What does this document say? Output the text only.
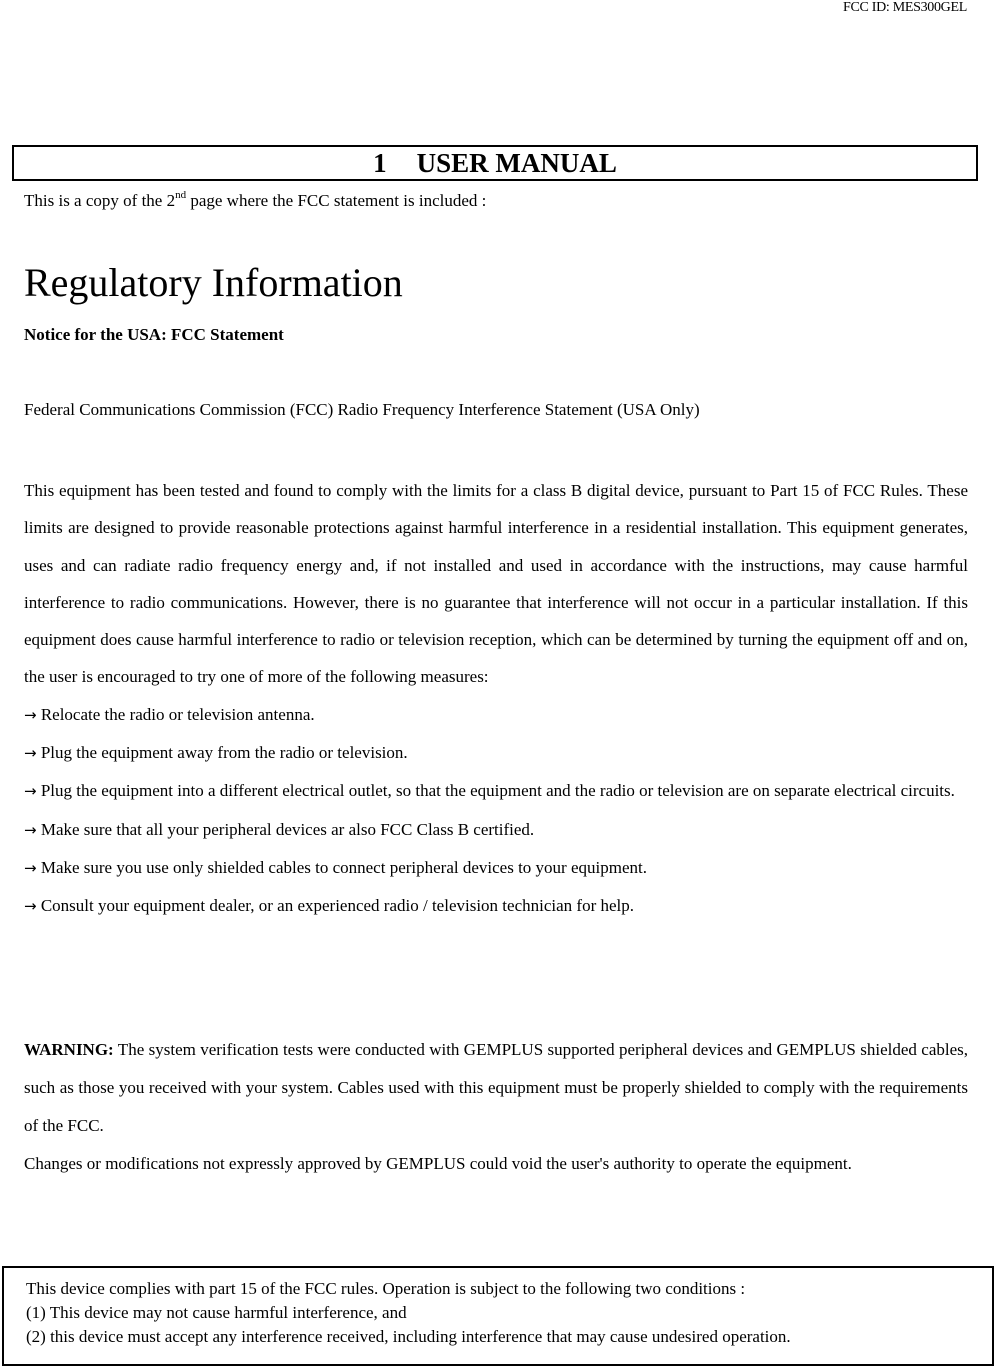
FCC ID: MES300GEL
1 USER MANUAL
This is a copy of the 2nd page where the FCC statement is included :
Regulatory Information
Notice for the USA: FCC Statement
Federal Communications Commission (FCC) Radio Frequency Interference Statement (USA Only)

This equipment has been tested and found to comply with the limits for a class B digital device, pursuant to Part 15 of FCC Rules. These limits are designed to provide reasonable protections against harmful interference in a residential installation. This equipment generates, uses and can radiate radio frequency energy and, if not installed and used in accordance with the instructions, may cause harmful interference to radio communications. However, there is no guarantee that interference will not occur in a particular installation. If this equipment does cause harmful interference to radio or television reception, which can be determined by turning the equipment off and on, the user is encouraged to try one of more of the following measures:

→ Relocate the radio or television antenna.

→ Plug the equipment away from the radio or television.

→ Plug the equipment into a different electrical outlet, so that the equipment and the radio or television are on separate electrical circuits.

→ Make sure that all your peripheral devices ar also FCC Class B certified.

→ Make sure you use only shielded cables to connect peripheral devices to your equipment.

→ Consult your equipment dealer, or an experienced radio / television technician for help.

WARNING: The system verification tests were conducted with GEMPLUS supported peripheral devices and GEMPLUS shielded cables, such as those you received with your system. Cables used with this equipment must be properly shielded to comply with the requirements of the FCC.

Changes or modifications not expressly approved by GEMPLUS could void the user's authority to operate the equipment.

This device complies with part 15 of the FCC rules. Operation is subject to the following two conditions :
(1) This device may not cause harmful interference, and
(2) this device must accept any interference received, including interference that may cause undesired operation.
